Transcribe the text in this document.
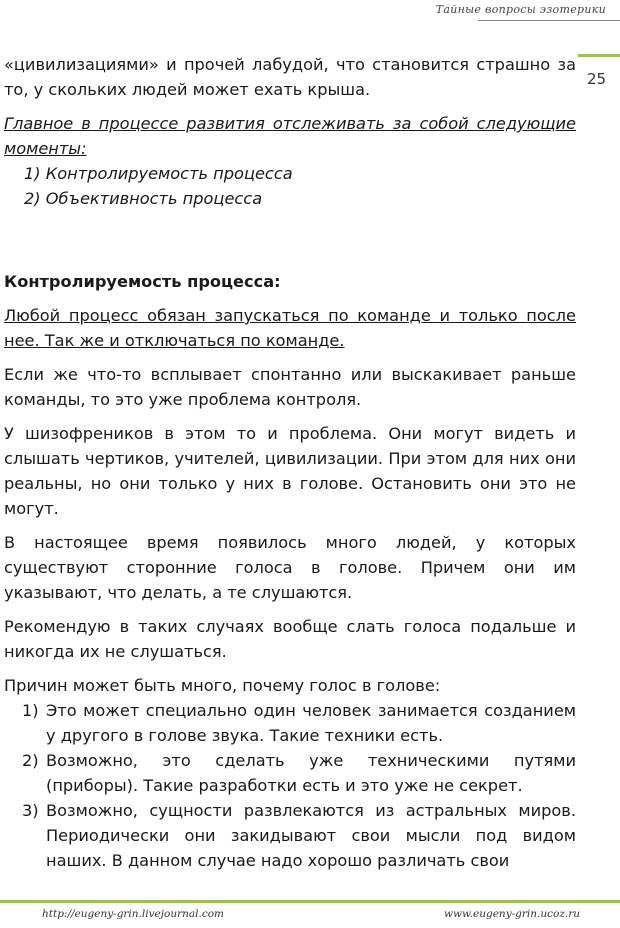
Тайные вопросы эзотерики
25

«цивилизациями» и прочей лабудой, что становится страшно за то, у скольких людей может ехать крыша.

Главное в процессе развития отслеживать за собой следующие моменты:

1) Контролируемость процесса
2) Объективность процесса

Контролируемость процесса:

Любой процесс обязан запускаться по команде и только после нее. Так же и отключаться по команде.

Если же что-то всплывает спонтанно или выскакивает раньше команды, то это уже проблема контроля.

У шизофреников в этом то и проблема. Они могут видеть и слышать чертиков, учителей, цивилизации. При этом для них они реальны, но они только у них в голове. Остановить они это не могут.

В настоящее время появилось много людей, у которых существуют сторонние голоса в голове. Причем они им указывают, что делать, а те слушаются.

Рекомендую в таких случаях вообще слать голоса подальше и никогда их не слушаться.

Причин может быть много, почему голос в голове:

1) Это может специально один человек занимается созданием у другого в голове звука. Такие техники есть.
2) Возможно, это сделать уже техническими путями (приборы). Такие разработки есть и это уже не секрет.
3) Возможно, сущности развлекаются из астральных миров. Периодически они закидывают свои мысли под видом наших. В данном случае надо хорошо различать свои
http://eugeny-grin.livejournal.com	www.eugeny-grin.ucoz.ru
